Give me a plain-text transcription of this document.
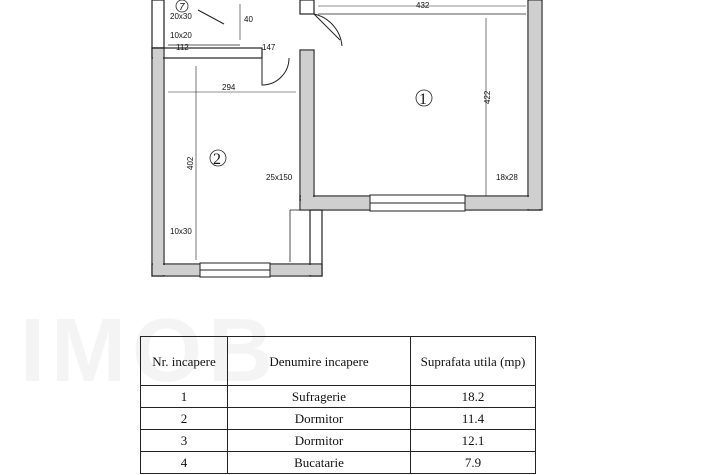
432
20x30	40
10x20
112	147
294
422
402
25x150	18x28
10x30
1
2
7
Nr. incapere	Denumire incapere	Suprafata utila (mp)
1	Sufragerie	18.2
2	Dormitor	11.4
3	Dormitor	12.1
4	Bucatarie	7.9
